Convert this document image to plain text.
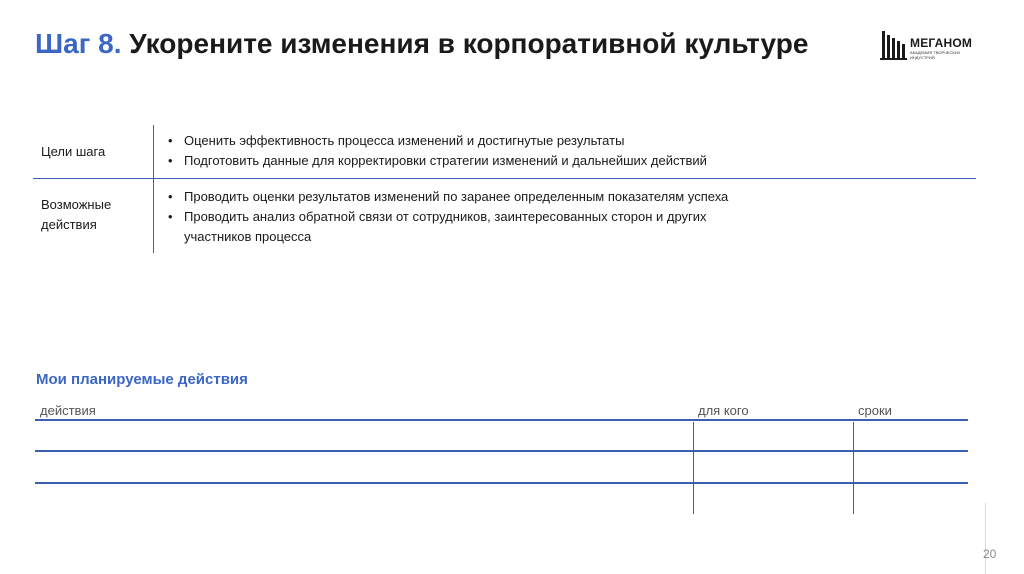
Шаг 8. Укорените изменения в корпоративной культуре	МЕГАНОМ
АКАДЕМИЯ ТВОРЧЕСКИХ ИНДУСТРИЙ
Цели шага
• Оценить эффективность процесса изменений и достигнутые результаты
• Подготовить данные для корректировки стратегии изменений и дальнейших действий
Возможные действия
• Проводить оценки результатов изменений по заранее определенным показателям успеха
• Проводить анализ обратной связи от сотрудников, заинтересованных сторон и других участников процесса
Мои планируемые действия
действия	для кого	сроки
20
